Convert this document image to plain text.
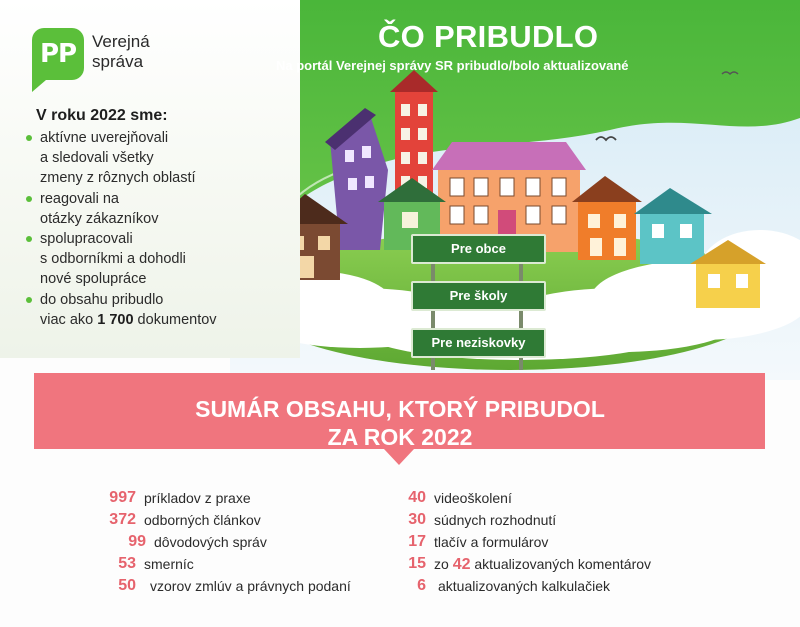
PP Verejná
správa
V roku 2022 sme:
aktívne uverejňovali
a sledovali všetky
zmeny z rôznych oblastí
reagovali na
otázky zákazníkov
spolupracovali
s odborníkmi a dohodli
nové spolupráce
do obsahu pribudlo
viac ako 1 700 dokumentov
ČO PRIBUDLO
Na portál Verejnej správy SR pribudlo/bolo aktualizované
Pre obce
Pre školy
Pre neziskovky
SUMÁR OBSAHU, KTORÝ PRIBUDOL
ZA ROK 2022
997 príkladov z praxe
372 odborných článkov
99 dôvodových správ
53 smerníc
50 vzorov zmlúv a právnych podaní
40 videoškolení
30 súdnych rozhodnutí
17 tlačív a formulárov
15 zo 42 aktualizovaných komentárov
6 aktualizovaných kalkulačiek
